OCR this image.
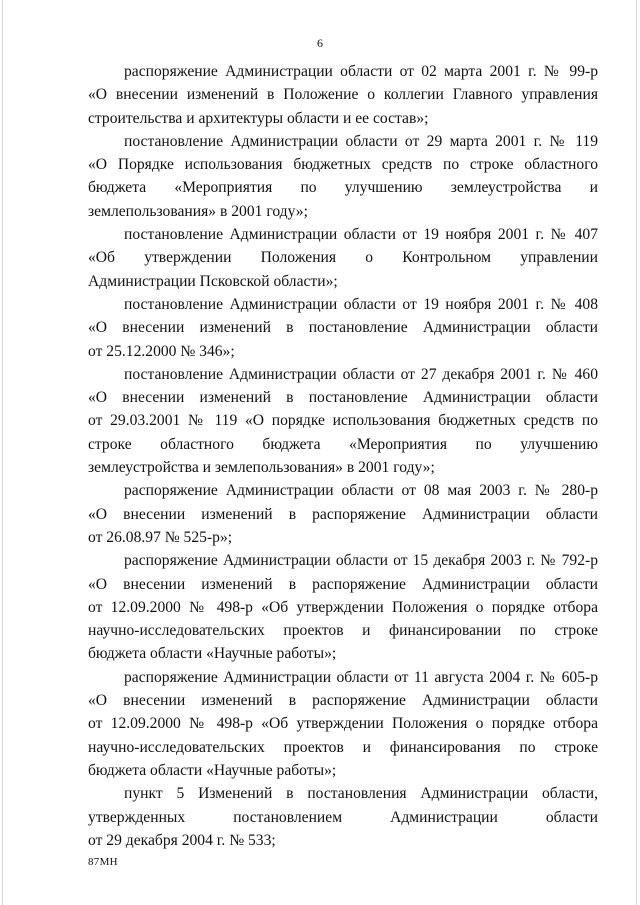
6

распоряжение Администрации области от 02 марта 2001 г. № 99-р
«О внесении изменений в Положение о коллегии Главного управления
строительства и архитектуры области и ее состав»;

постановление Администрации области от 29 марта 2001 г. № 119
«О Порядке использования бюджетных средств по строке областного
бюджета «Мероприятия по улучшению землеустройства и
землепользования» в 2001 году»;

постановление Администрации области от 19 ноября 2001 г. № 407
«Об утверждении Положения о Контрольном управлении
Администрации Псковской области»;

постановление Администрации области от 19 ноября 2001 г. № 408
«О внесении изменений в постановление Администрации области
от 25.12.2000 № 346»;

постановление Администрации области от 27 декабря 2001 г. № 460
«О внесении изменений в постановление Администрации области
от 29.03.2001 № 119 «О порядке использования бюджетных средств по
строке областного бюджета «Мероприятия по улучшению
землеустройства и землепользования» в 2001 году»;

распоряжение Администрации области от 08 мая 2003 г. № 280-р
«О внесении изменений в распоряжение Администрации области
от 26.08.97 № 525-р»;

распоряжение Администрации области от 15 декабря 2003 г. № 792-р
«О внесении изменений в распоряжение Администрации области
от 12.09.2000 № 498-р «Об утверждении Положения о порядке отбора
научно-исследовательских проектов и финансировании по строке
бюджета области «Научные работы»;

распоряжение Администрации области от 11 августа 2004 г. № 605-р
«О внесении изменений в распоряжение Администрации области
от 12.09.2000 № 498-р «Об утверждении Положения о порядке отбора
научно-исследовательских проектов и финансирования по строке
бюджета области «Научные работы»;

пункт 5 Изменений в постановления Администрации области,
утвержденных постановлением Администрации области
от 29 декабря 2004 г. № 533;

87МН
